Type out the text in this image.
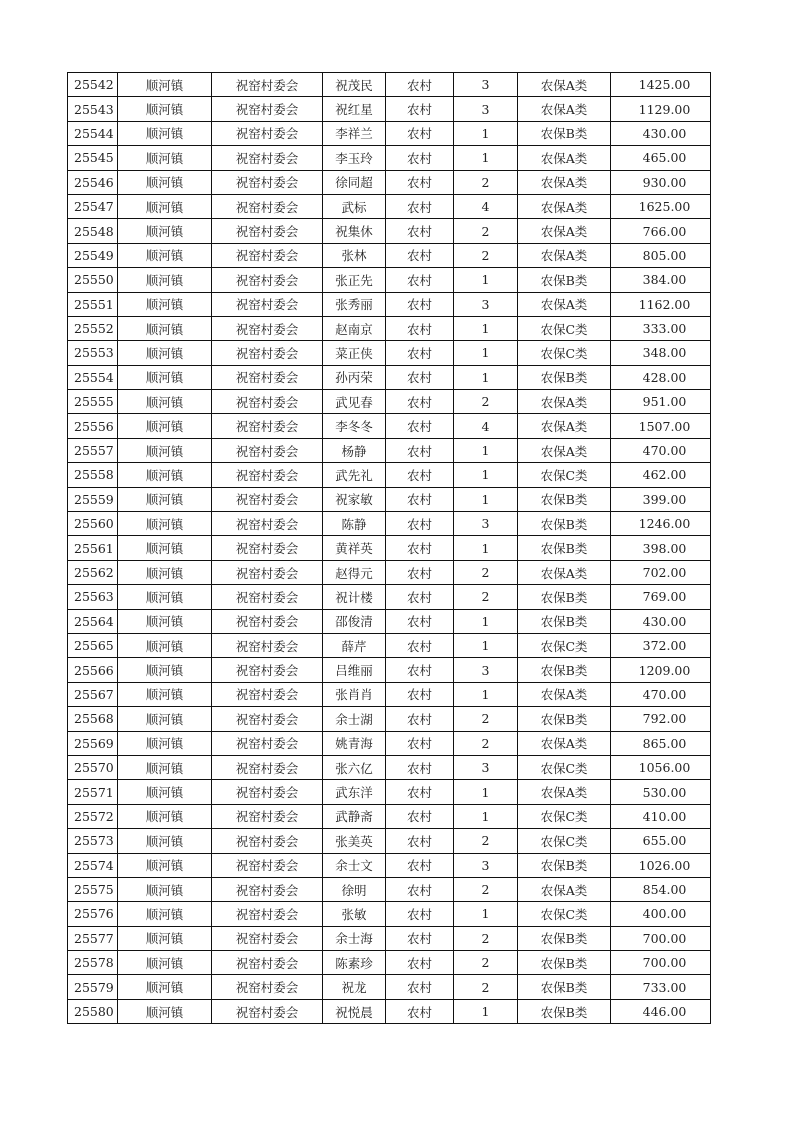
25542	顺河镇	祝窑村委会	祝茂民	农村	3	农保A类	1425.00
25543	顺河镇	祝窑村委会	祝红星	农村	3	农保A类	1129.00
25544	顺河镇	祝窑村委会	李祥兰	农村	1	农保B类	430.00
25545	顺河镇	祝窑村委会	李玉玲	农村	1	农保A类	465.00
25546	顺河镇	祝窑村委会	徐同超	农村	2	农保A类	930.00
25547	顺河镇	祝窑村委会	武标	农村	4	农保A类	1625.00
25548	顺河镇	祝窑村委会	祝集休	农村	2	农保A类	766.00
25549	顺河镇	祝窑村委会	张林	农村	2	农保A类	805.00
25550	顺河镇	祝窑村委会	张正先	农村	1	农保B类	384.00
25551	顺河镇	祝窑村委会	张秀丽	农村	3	农保A类	1162.00
25552	顺河镇	祝窑村委会	赵南京	农村	1	农保C类	333.00
25553	顺河镇	祝窑村委会	菜正侠	农村	1	农保C类	348.00
25554	顺河镇	祝窑村委会	孙丙荣	农村	1	农保B类	428.00
25555	顺河镇	祝窑村委会	武见春	农村	2	农保A类	951.00
25556	顺河镇	祝窑村委会	李冬冬	农村	4	农保A类	1507.00
25557	顺河镇	祝窑村委会	杨静	农村	1	农保A类	470.00
25558	顺河镇	祝窑村委会	武先礼	农村	1	农保C类	462.00
25559	顺河镇	祝窑村委会	祝家敏	农村	1	农保B类	399.00
25560	顺河镇	祝窑村委会	陈静	农村	3	农保B类	1246.00
25561	顺河镇	祝窑村委会	黄祥英	农村	1	农保B类	398.00
25562	顺河镇	祝窑村委会	赵得元	农村	2	农保A类	702.00
25563	顺河镇	祝窑村委会	祝计楼	农村	2	农保B类	769.00
25564	顺河镇	祝窑村委会	邵俊清	农村	1	农保B类	430.00
25565	顺河镇	祝窑村委会	薛芹	农村	1	农保C类	372.00
25566	顺河镇	祝窑村委会	吕维丽	农村	3	农保B类	1209.00
25567	顺河镇	祝窑村委会	张肖肖	农村	1	农保A类	470.00
25568	顺河镇	祝窑村委会	余士湖	农村	2	农保B类	792.00
25569	顺河镇	祝窑村委会	姚青海	农村	2	农保A类	865.00
25570	顺河镇	祝窑村委会	张六亿	农村	3	农保C类	1056.00
25571	顺河镇	祝窑村委会	武东洋	农村	1	农保A类	530.00
25572	顺河镇	祝窑村委会	武静斋	农村	1	农保C类	410.00
25573	顺河镇	祝窑村委会	张美英	农村	2	农保C类	655.00
25574	顺河镇	祝窑村委会	余士文	农村	3	农保B类	1026.00
25575	顺河镇	祝窑村委会	徐明	农村	2	农保A类	854.00
25576	顺河镇	祝窑村委会	张敏	农村	1	农保C类	400.00
25577	顺河镇	祝窑村委会	余士海	农村	2	农保B类	700.00
25578	顺河镇	祝窑村委会	陈素珍	农村	2	农保B类	700.00
25579	顺河镇	祝窑村委会	祝龙	农村	2	农保B类	733.00
25580	顺河镇	祝窑村委会	祝悦晨	农村	1	农保B类	446.00
